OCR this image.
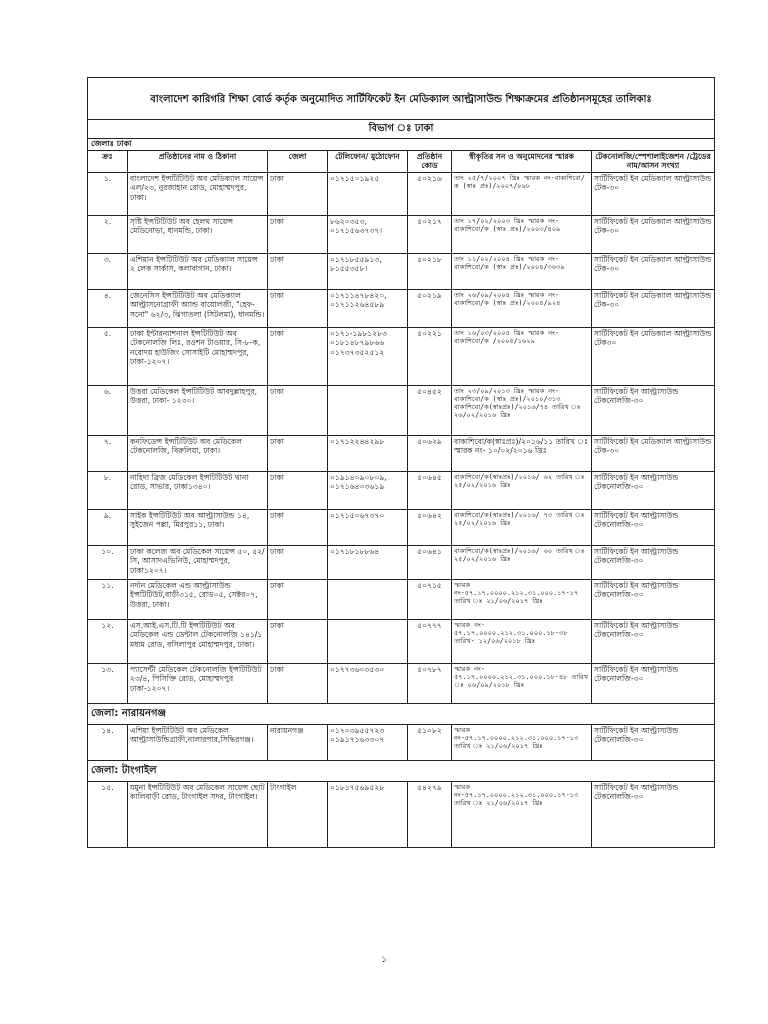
বাংলাদেশ কারিগরি শিক্ষা বোর্ড কর্তৃক অনুমোদিত সার্টিফিকেট ইন মেডিক্যাল আল্ট্রাসাউন্ড শিক্ষাক্রমের প্রতিষ্ঠানসমূহের তালিকাঃ						
বিভাগ ঃ ঢাকা						
জেলাঃ ঢাকা						
ক্রঃ	প্রতিষ্ঠানের নাম ও ঠিকানা	জেলা	টেলিফোন/ মুঠোফোন	প্রতিষ্ঠান কোড	স্বীকৃতির সন ও অনুমোদনের স্মারক	টেকনোলজি/স্পেশালাইজেশন /ট্রেডের নাম/আসন সংখ্যা
১.	বাংলাদেশ ইন্সটিটিউট অব মেডিক্যাল সায়েন্স এল/২৩, নুরজাহান রোড, মোহাম্মদপুর, ঢাকা।	ঢাকা	০১৭১৫০১৯২৫	৫০২১৬	তাং ২৫/৭/২০০৭ খ্রিঃ স্মারক নং-বাকাশিবো/ক (স্বাঃ প্রঃ)/২০০৭/৮৯৮	সার্টিফিকেট ইন মেডিক্যাল আল্ট্রাসাউন্ড টেক-৩০
২.	সৃষ্টি ইন্সটিটিউট অব হেলথ সায়েন্স মেডিনোভা, ধানমন্ডি, ঢাকা।	ঢাকা	৮৬২০৩৫৩, ০১৭১৫৬৩৭৩৭।	৫০২১৭	তাং ১৭/০২/২০০৩ খ্রিঃ স্মারক নং-বাকাশিবো/ক (স্বাঃ প্রঃ)/২০০৩/৪০৯	সার্টিফিকেট ইন মেডিক্যাল আল্ট্রাসাউন্ড টেক-৩০
৩.	এশিয়ান ইন্সটিটিউট অব মেডিক্যাল সায়েন্স ২ লেক সার্কাস, কলাবাগান, ঢাকা।	ঢাকা	০১৭১৮৫৫৯১৩, ৮১৫৫৩৫৮।	৫০২১৮	তাং ১১/০২/২০০৪ খ্রিঃ স্মারক নং-বাকাশিবো/ক (স্বাঃ প্রঃ)/২০০৪/৩৬৩৯	সার্টিফিকেট ইন মেডিক্যাল আল্ট্রাসাউন্ড টেক-৩০
৪.	জেনেসিস ইন্সটিটিউট অব মেডিক্যাল আল্ট্রাসনোগ্রাফী অ্যান্ড বায়োলজী, "হেফ-সনো" ৬২/৩, ঝিগাতলা (সিটলমা), ধানমন্ডি।	ঢাকা	০১৭১১৪৭৮৪২০, ০১৭১১২৬৪৫৮৯	৫০২১৯	তাং ২৬/০৯/২০০৪ খ্রিঃ স্মারক নং-বাকাশিবো/ক (স্বাঃ প্রঃ)/২০০৪/৯২৪	সার্টিফিকেট ইন মেডিক্যাল আল্ট্রাসাউন্ড টেক-৩০
৫.	ঢাকা ইন্টারন্যাশনাল ইন্সটিটিউট অব টেকনোলজি লিঃ, রওশন টাওয়ার, সি-৮-ক, নবোদয় হাউজিং সোসাইটি মোহাম্মদপুর, ঢাকা-১২০৭।	ঢাকা	০১৭১-১৯৮১২৮৩ ০১৮১৪৮৭৯৮৬৬ ০১৭৩৭৩৫২৫১২	৫০২২১	তাং ১৬/০৩/২০০৫ খ্রিঃ স্মারক নং-বাকাশিবো/ক /২০০৫/১৬২৯	সার্টিফিকেট ইন মেডিক্যাল আল্ট্রাসাউন্ড টেক৩০
৬.	উত্তরা মেডিকেল ইন্সটিটিউট আবদুল্লাহপুর, উত্তরা, ঢাকা- ১২৩০।	ঢাকা		৫০৪৫২	তাং ২৩/০৯/২০১৩ খ্রিঃ স্মারক নং-বাকাশিবো/ক (স্বাঃ প্রঃ)/২০১০/৩১৩ বাকাশিবো/ক(স্বাঃপ্রঃ)/২০১৬/৭৪ তারিখ ঃ ২৬/০২/২০১৬ খ্রিঃ	সার্টিফিকেট ইন আল্ট্রাসাউন্ড টেকনোলজি-৩০
৭.	কনফিডেন্স ইন্সটিটিউট অব মেডিকেল টেকনোলজি, বিরুলিয়া, ঢাকা।	ঢাকা	০১৭১২২৪৪২৯৮	৫০৬২৯	বাকাশিবো/ক(স্বাঃপ্রঃ)/২০১৬/১১ তারিখ ঃ স্মারক নং- ১০/০২/২০১৬ খ্রিঃ	সার্টিফিকেট ইন মেডিক্যাল আল্ট্রাসাউন্ড টেক-৩০
৮.	নাহিদা ব্রিজ মেডিকেল ইন্সটিটিউট থানা রোড, সাভার, ঢাকা১৩৪০।	ঢাকা	০১৯১৪০৯০৮০৯, ০১৭১৬৪০৩৬১৯	৫০৬৪৫	বাকাশিবো/ক(স্বাঃপ্রঃ)/২০১৬/ ৬২ তারিখ ঃ ২৫/০২/২০১৬ খ্রিঃ	সার্টিফিকেট ইন আল্ট্রাসাউন্ড টেকনোলজি-৩০
৯.	সাইক ইন্সটিটিউট অব আল্ট্রাসাউন্ড ১৪, সুইজেন পল্লা, মিরপুর১১, ঢাকা।	ঢাকা	০১৭১৫০৬৭৩৭০	৫০৬৪২	বাকাশিবো/ক(স্বাঃপ্রঃ)/২০১৬/ ৭৩ তারিখ ঃ ২৫/০২/২০১৬ খ্রিঃ	সার্টিফিকেট ইন আল্ট্রাসাউন্ড টেকনোলজি-৩০
১০.	ঢাকা কলেজ অব মেডিকেল সায়েন্স ৫০, ৫২/সি, আসাদএভিনিউ, মোহাম্মদপুর, ঢাকা১২০৭।	ঢাকা	০১৭১৮১৮৮৬৪	৫০৬৪১	বাকাশিবো/ক(স্বাঃপ্রঃ)/২০১৬/ ৬০ তারিখ ঃ ২৫/০২/২০১৬ খ্রিঃ	সার্টিফিকেট ইন আল্ট্রাসাউন্ড টেকনোলজি-৩০
১১.	নর্দান মেডিকেল এন্ড আল্ট্রাসাউন্ড ইন্সটিটিউট,বাড়ী৩১৫, রোড০৫, সেক্টর০৭, উত্তরা, ঢাকা।	ঢাকা		৫০৭১৫	স্মারক নং-৫৭.১৭.০০০০.২১২.৩১.০০০.১৭-১৭ তারিখ ঃ ২১/০৬/২০১৭ খ্রিঃ	সার্টিফিকেট ইন আল্ট্রাসাউন্ড টেকনোলজি-৩০
১২.	এস.আই.এস.টি.টি ইন্সটিটিউট অব মেডিকেল এন্ড ডেন্টাল টেকনোলজি ১৪১/১ মধ্যম রোড, বসিলাপুর মোহাম্মদপুর, ঢাকা।	ঢাকা		৫০৭৭৭	স্মারক নং- ৫৭.১৭.০০০০.২১২.৩১.০০০.১৮-৩৮ তারিখ- ১২/০৬/২০১৮ খ্রিঃ	সার্টিফিকেট ইন আল্ট্রাসাউন্ড টেকনোলজি-৩০
১৩.	প্যাসেন্টী মেডিকেল টেকনোলজি ইন্সটিটিউট ২৩/৪, পিসিক্তি রোড, মোহাম্মদপুর ঢাকা-১২০৭।	ঢাকা	০১৭৭৩৬০৩৫৩০	৫০৭৮৭	স্মারক নং- ৫৭.১৭.০০০০.২১২.৩১.০০০.১৮-৪৮ তারিখ ঃ ০৬/০৯/২০১৮ খ্রিঃ	সার্টিফিকেট ইন আল্ট্রাসাউন্ড টেকনোলজি-৩০
জেলা: নারায়নগঞ্জ						
১৪.	এশিয়া ইন্সটিটিউট অব মেডিকেল আল্ট্রাসাউন্ডিগ্রাফী,নালারপার,সিদ্ধিরগঞ্জ।	নারায়নগঞ্জ	০১৭০৩৯৫৫৭২৩ ০১৯১৭১৬৩৩০৭	৫১০৮২	স্মারক নং-৫৭.১৭.০০০০.২১২.৩১.০০০.১৭-১৩ তারিখ ঃ ২১/০৬/২০১৭ খ্রিঃ	সার্টিফিকেট ইন আল্ট্রাসাউন্ড টেকনোলজি-৩০
জেলা: টাংগাইল						
১৫.	যমুনা ইন্সটিটিউট অব মেডিকেল সায়েন্স ছোট কালিবাড়ী রোড, টাংগাইল সদর, টাংগাইল।	টাংগাইল	০১৮১৭৫৬৯৫২৮	৫৪২৭৯	স্মারক নং-৫৭.১৭.০০০০.২১২.৩১.০০০.১৭-১৩ তারিখ ঃ ২১/০৬/২০১৭ খ্রিঃ	সার্টিফিকেট ইন আল্ট্রাসাউন্ড টেকনোলজি-৩০
১
